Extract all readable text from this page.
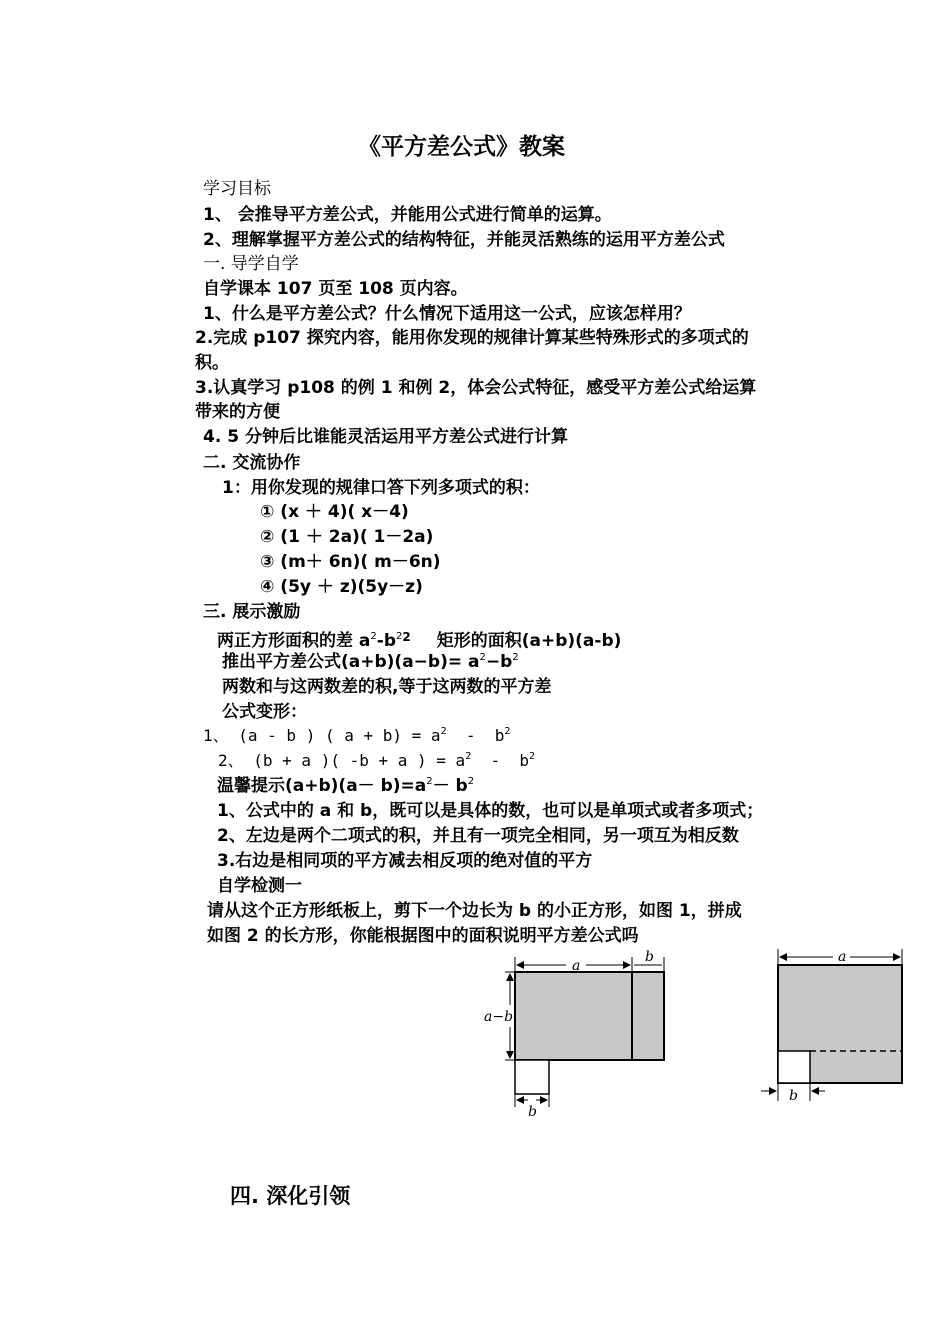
《平方差公式》教案
学习目标
1、 会推导平方差公式，并能用公式进行简单的运算。
2、理解掌握平方差公式的结构特征，并能灵活熟练的运用平方差公式
一. 导学自学
自学课本 107 页至 108 页内容。
1、什么是平方差公式？什么情况下适用这一公式，应该怎样用？
2.完成 p107 探究内容，能用你发现的规律计算某些特殊形式的多项式的
积。
3.认真学习 p108 的例 1 和例 2，体会公式特征，感受平方差公式给运算
带来的方便
4. 5 分钟后比谁能灵活运用平方差公式进行计算
二. 交流协作
1：用你发现的规律口答下列多项式的积：
① (x ＋ 4)( x－4)
② (1 ＋ 2a)( 1－2a)
③ (m＋ 6n)( m－6n)
④ (5y ＋ z)(5y－z)
三. 展示激励
两正方形面积的差 $a^2-b^{22}$ 矩形的面积(a+b)(a-b)
推出平方差公式$(a+b)(a-b)= a^2-b^2$
两数和与这两数差的积,等于这两数的平方差
公式变形：
1、 (a - b ) ( $a + b) = a^2 - b^2$
2、 (b + a )( -b + a ) = $a^2 - b^2$
温馨提示$(a+b)(a- b)=a^2- b^2$
1、公式中的 a 和 b，既可以是具体的数，也可以是单项式或者多项式；
2、左边是两个二项式的积，并且有一项完全相同，另一项互为相反数
3.右边是相同项的平方减去相反项的绝对值的平方
自学检测一
请从这个正方形纸板上，剪下一个边长为 b 的小正方形，如图 1，拼成
如图 2 的长方形，你能根据图中的面积说明平方差公式吗
a
b
a−b
b
a
b
四. 深化引领
